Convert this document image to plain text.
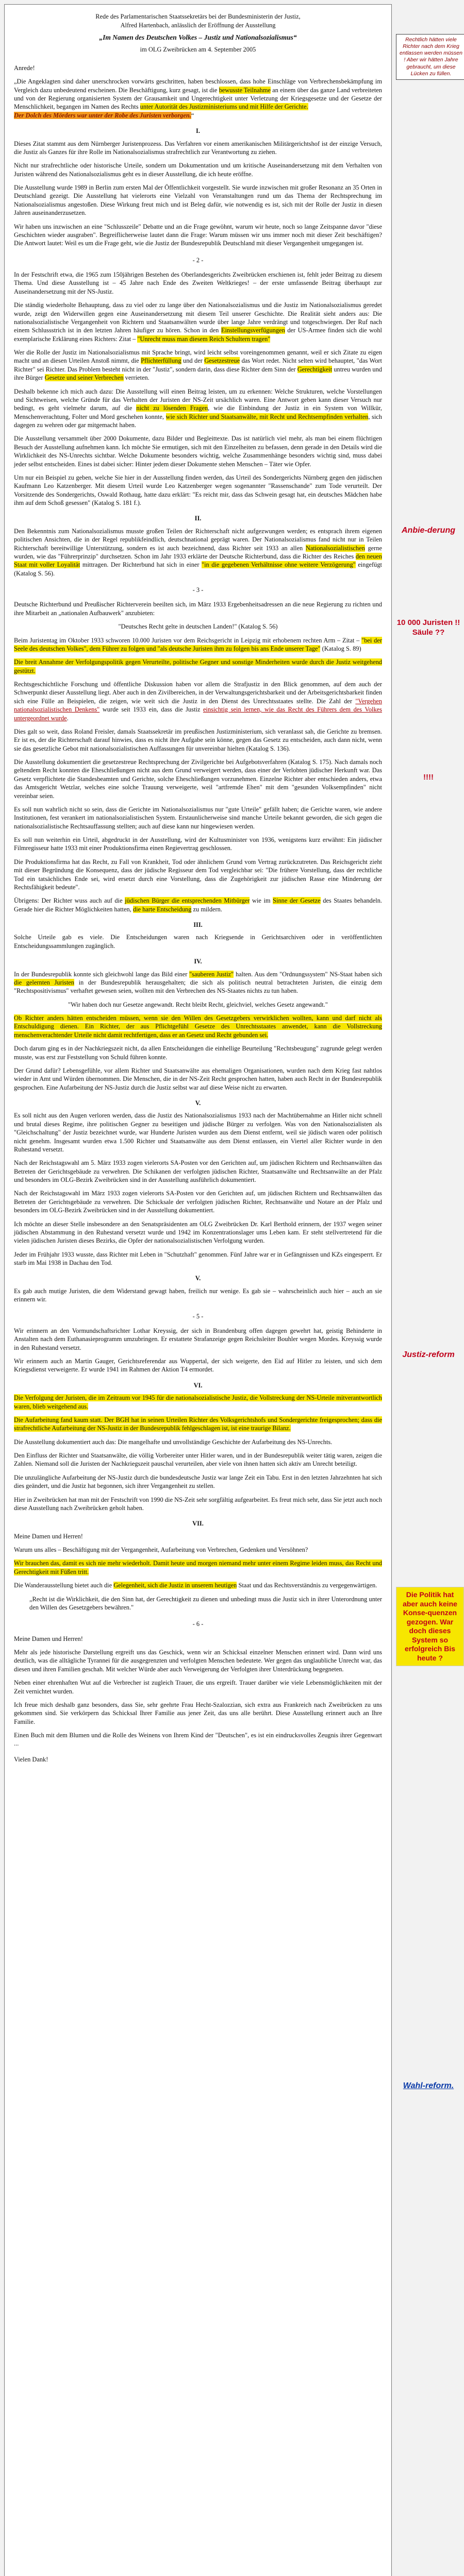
Rede des Parlamentarischen Staatssekretärs bei der Bundesministerin der Justiz,
Alfred Hartenbach, anlässlich der Eröffnung der Ausstellung
„Im Namen des Deutschen Volkes – Justiz und Nationalsozialismus“
im OLG Zweibrücken am 4. September 2005

Anrede!

„Die Angeklagten sind daher unerschrocken vorwärts geschritten, haben beschlossen, dass hohe Einschläge von Verbrechensbekämpfung im Vergleich dazu unbedeutend erscheinen. Die Beschäftigung, kurz gesagt, ist die bewusste Teilnahme an einem über das ganze Land verbreiteten und von der Regierung organisierten System der Grausamkeit und Ungerechtigkeit unter Verletzung der Kriegsgesetze und der Gesetze der Menschlichkeit, begangen im Namen des Rechts unter Autorität des Justizministeriums und mit Hilfe der Gerichte.
Der Dolch des Mörders war unter der Robe des Juristen verborgen.“

I.

Dieses Zitat stammt aus dem Nürnberger Juristenprozess. Das Verfahren vor einem amerikanischen Militärgerichtshof ist der einzige Versuch, die Justiz als Ganzes für ihre Rolle im Nationalsozialismus strafrechtlich zur Verantwortung zu ziehen.

Nicht nur strafrechtliche oder historische Urteile, sondern um Dokumentation und um kritische Auseinandersetzung mit dem Verhalten von Juristen während des Nationalsozialismus geht es in dieser Ausstellung, die ich heute eröffne.

Die Ausstellung wurde 1989 in Berlin zum ersten Mal der Öffentlichkeit vorgestellt. Sie wurde inzwischen mit großer Resonanz an 35 Orten in Deutschland gezeigt. Die Ausstellung hat vielerorts eine Vielzahl von Veranstaltungen rund um das Thema der Rechtsprechung im Nationalsozialismus angestoßen. Diese Wirkung freut mich und ist Beleg dafür, wie notwendig es ist, sich mit der Rolle der Justiz in diesen Jahren auseinanderzusetzen.

Wir haben uns inzwischen an eine "Schlusszeile" Debatte und an die Frage gewöhnt, warum wir heute, noch so lange Zeitspanne davor "diese Geschichten wieder ausgraben". Begreiflicherweise lautet dann die Frage: Warum müssen wir uns immer noch mit dieser Zeit beschäftigen? Die Antwort lautet: Weil es um die Frage geht, wie die Justiz der Bundesrepublik Deutschland mit dieser Vergangenheit umgegangen ist.

- 2 -

In der Festschrift etwa, die 1965 zum 150jährigen Bestehen des Oberlandesgerichts Zweibrücken erschienen ist, fehlt jeder Beitrag zu diesem Thema. Und diese Ausstellung ist – 45 Jahre nach Ende des Zweiten Weltkrieges! – der erste umfassende Beitrag überhaupt zur Auseinandersetzung mit der NS-Justiz.

Die ständig wiederholte Behauptung, dass zu viel oder zu lange über den Nationalsozialismus und die Justiz im Nationalsozialismus geredet wurde, zeigt den Widerwillen gegen eine Auseinandersetzung mit diesem Teil unserer Geschichte. Die Realität sieht anders aus: Die nationalsozialistische Vergangenheit von Richtern und Staatsanwälten wurde über lange Jahre verdrängt und totgeschwiegen. Der Ruf nach einem Schlussstrich ist in den letzten Jahren häufiger zu hören. Schon in den Einstellungsverfügungen der US-Armee finden sich die wohl exemplarische Erklärung eines Richters: Zitat – "Unrecht muss man diesem Reich Schultern tragen"

Wer die Rolle der Justiz im Nationalsozialismus mit Sprache bringt, wird leicht selbst voreingenommen genannt, weil er sich Zitate zu eigen macht und an diesen Urteilen Anstoß nimmt, die Pflichterfüllung und der Gesetzestreue das Wort redet. Nicht selten wird behauptet, "das Wort Richter" sei Richter. Das Problem besteht nicht in der "Justiz", sondern darin, dass diese Richter dem Sinn der Gerechtigkeit untreu wurden und ihre Bürger Gesetze und seiner Verbrechen verrieten.

Deshalb bekenne ich mich auch dazu: Die Ausstellung will einen Beitrag leisten, um zu erkennen: Welche Strukturen, welche Vorstellungen und Sichtweisen, welche Gründe für das Verhalten der Juristen der NS-Zeit ursächlich waren. Eine Antwort geben kann dieser Versuch nur bedingt, es geht vielmehr darum, auf die nicht zu lösenden Fragen, wie die Einbindung der Justiz in ein System von Willkür, Menschenverachtung, Folter und Mord geschehen konnte, wie sich Richter und Staatsanwälte, mit Recht und Rechtsempfinden verhalten, sich dagegen zu wehren oder gar mitgemacht haben.

Die Ausstellung versammelt über 2000 Dokumente, dazu Bilder und Begleittexte. Das ist natürlich viel mehr, als man bei einem flüchtigen Besuch der Ausstellung aufnehmen kann. Ich möchte Sie ermutigen, sich mit den Einzelheiten zu befassen, denn gerade in den Details wird die Wirklichkeit des NS-Unrechts sichtbar. Welche Dokumente besonders wichtig, welche Zusammenhänge besonders wichtig sind, muss dabei jeder selbst entscheiden. Eines ist dabei sicher: Hinter jedem dieser Dokumente stehen Menschen – Täter wie Opfer.

Um nur ein Beispiel zu geben, welche Sie hier in der Ausstellung finden werden, das Urteil des Sondergerichts Nürnberg gegen den jüdischen Kaufmann Leo Katzenberger. Mit diesem Urteil wurde Leo Katzenberger wegen sogenannter "Rassenschande" zum Tode verurteilt. Der Vorsitzende des Sondergerichts, Oswald Rothaug, hatte dazu erklärt: "Es reicht mir, dass das Schwein gesagt hat, ein deutsches Mädchen habe ihm auf dem Schoß gesessen" (Katalog S. 181 f.).

II.

Den Bekenntnis zum Nationalsozialismus musste großen Teilen der Richterschaft nicht aufgezwungen werden; es entsprach ihrem eigenen politischen Ansichten, die in der Regel republikfeindlich, deutschnational geprägt waren. Der Nationalsozialismus fand nicht nur in Teilen Richterschaft bereitwillige Unterstützung, sondern es ist auch bezeichnend, dass Richter seit 1933 an allen Nationalsozialistischen gerne wurden, wie das "Führerprinzip" durchsetzen. Schon im Jahr 1933 erklärte der Deutsche Richterbund, dass die Richter des Reiches den neuen Staat mit voller Loyalität mittragen. Der Richterbund hat sich in einer "in die gegebenen Verhältnisse ohne weitere Verzögerung" eingefügt (Katalog S. 56).

- 3 -

Deutsche Richterbund und Preußischer Richterverein beeilten sich, im März 1933 Ergebenheitsadressen an die neue Regierung zu richten und ihre Mitarbeit an „nationalen Aufbauwerk" anzubieten:

"Deutsches Recht gelte in deutschen Landen!" (Katalog S. 56)

Beim Juristentag im Oktober 1933 schworen 10.000 Juristen vor dem Reichsgericht in Leipzig mit erhobenem rechten Arm – Zitat – "bei der Seele des deutschen Volkes", dem Führer zu folgen und "als deutsche Juristen ihm zu folgen bis ans Ende unserer Tage" (Katalog S. 89)

Die breit Annahme der Verfolgungspolitik gegen Verurteilte, politische Gegner und sonstige Minderheiten wurde durch die Justiz weitgehend gestützt.

Rechtsgeschichtliche Forschung und öffentliche Diskussion haben vor allem die Strafjustiz in den Blick genommen, auf dem auch der Schwerpunkt dieser Ausstellung liegt. Aber auch in den Zivilbereichen, in der Verwaltungsgerichtsbarkeit und der Arbeitsgerichtsbarkeit finden sich eine Fülle an Beispielen, die zeigen, wie weit sich die Justiz in den Dienst des Unrechtsstaates stellte. Die Zahl der "Vergehen nationalsozialistischen Denkens" wurde seit 1933 ein, dass die Justiz einsichtig sein lernen, wie das Recht des Führers dem des Volkes untergeordnet wurde.

Dies galt so weit, dass Roland Freisler, damals Staatssekretär im preußischen Justizministerium, sich veranlasst sah, die Gerichte zu bremsen. Er ist es, der die Richterschaft darauf hinwies, dass es nicht ihre Aufgabe sein könne, gegen das Gesetz zu entscheiden, auch dann nicht, wenn sie das gesetzliche Gebot mit nationalsozialistischen Auffassungen für unvereinbar hielten (Katalog S. 136).

Die Ausstellung dokumentiert die gesetzestreue Rechtsprechung der Zivilgerichte bei Aufgebotsverfahren (Katalog S. 175). Nach damals noch geltendem Recht konnten die Eheschließungen nicht aus dem Grund verweigert werden, dass einer der Verlobten jüdischer Herkunft war. Das Gesetz verpflichtete die Standesbeamten und Gerichte, solche Eheschließungen vorzunehmen. Einzelne Richter aber entschieden anders, etwa das Amtsgericht Wetzlar, welches eine solche Trauung verweigerte, weil "artfremde Ehen" mit dem "gesunden Volksempfinden" nicht vereinbar seien.

Es soll nun wahrlich nicht so sein, dass die Gerichte im Nationalsozialismus nur "gute Urteile" gefällt haben; die Gerichte waren, wie andere Institutionen, fest verankert im nationalsozialistischen System. Erstaunlicherweise sind manche Urteile bekannt geworden, die sich gegen die nationalsozialistische Rechtsauffassung stellten; auch auf diese kann nur hingewiesen werden.

Es soll nun weiterhin ein Urteil, abgedruckt in der Ausstellung, wird der Kultusminister von 1936, wenigstens kurz erwähnt: Ein jüdischer Filmregisseur hatte 1933 mit einer Produktionsfirma einen Regievertrag geschlossen.

Die Produktionsfirma hat das Recht, zu Fall von Krankheit, Tod oder ähnlichem Grund vom Vertrag zurückzutreten. Das Reichsgericht zieht mit dieser Begründung die Konsequenz, dass der jüdische Regisseur dem Tod vergleichbar sei: "Die frühere Vorstellung, dass der rechtliche Tod ein tatsächliches Ende sei, wird ersetzt durch eine Vorstellung, dass die Zugehörigkeit zur jüdischen Rasse eine Minderung der Rechtsfähigkeit bedeute".

Übrigens: Der Richter wuss auch auf die jüdischen Bürger die entsprechenden Mitbürger wie im Sinne der Gesetze des Staates behandeln. Gerade hier die Richter Möglichkeiten hatten, die harte Entscheidung zu mildern.

III.

Solche Urteile gab es viele. Die Entscheidungen waren nach Kriegsende in Gerichtsarchiven oder in veröffentlichten Entscheidungssammlungen zugänglich.

IV.

In der Bundesrepublik konnte sich gleichwohl lange das Bild einer "sauberen Justiz" halten. Aus dem "Ordnungssystem" NS-Staat haben sich die gelernten Juristen in der Bundesrepublik herausgehalten; die sich als politisch neutral betrachteten Juristen, die einzig dem "Rechtspositivismus" verhaftet gewesen seien, wollten mit den Verbrechen des NS-Staates nichts zu tun haben.

"Wir haben doch nur Gesetze angewandt. Recht bleibt Recht, gleichviel, welches Gesetz angewandt."

Ob Richter anders hätten entscheiden müssen, wenn sie den Willen des Gesetzgebers verwirklichen wollten, kann und darf nicht als Entschuldigung dienen. Ein Richter, der aus Pflichtgefühl Gesetze des Unrechtsstaates anwendet, kann die Vollstreckung menschenverachtender Urteile nicht damit rechtfertigen, dass er an Gesetz und Recht gebunden sei.

Doch darum ging es in der Nachkriegszeit nicht, da allen Entscheidungen die einhellige Beurteilung "Rechtsbeugung" zugrunde gelegt werden musste, was erst zur Feststellung von Schuld führen konnte.

Der Grund dafür? Lebensgefühle, vor allem Richter und Staatsanwälte aus ehemaligen Organisationen, wurden nach dem Krieg fast nahtlos wieder in Amt und Würden übernommen. Die Menschen, die in der NS-Zeit Recht gesprochen hatten, haben auch Recht in der Bundesrepublik gesprochen. Eine Aufarbeitung der NS-Justiz durch die Justiz selbst war auf diese Weise nicht zu erwarten.

V.

Es soll nicht aus den Augen verloren werden, dass die Justiz des Nationalsozialismus 1933 nach der Machtübernahme an Hitler nicht schnell und brutal dieses Regime, ihre politischen Gegner zu beseitigen und jüdische Bürger zu verfolgen. Was von den Nationalsozialisten als "Gleichschaltung" der Justiz bezeichnet wurde, war Hunderte Juristen wurden aus dem Dienst entfernt, weil sie jüdisch waren oder politisch nicht genehm. Insgesamt wurden etwa 1.500 Richter und Staatsanwälte aus dem Dienst entlassen, ein Viertel aller Richter wurde in den Ruhestand versetzt.

Nach der Reichstagswahl am 5. März 1933 zogen vielerorts SA-Posten vor den Gerichten auf, um jüdischen Richtern und Rechtsanwälten das Betreten der Gerichtsgebäude zu verwehren. Die Schikanen der verfolgten jüdischen Richter, Staatsanwälte und Rechtsanwälte an der Pfalz und besonders im OLG-Bezirk Zweibrücken sind in der Ausstellung ausführlich dokumentiert.

Nach der Reichstagswahl im März 1933 zogen vielerorts SA-Posten vor den Gerichten auf, um jüdischen Richtern und Rechtsanwälten das Betreten der Gerichtsgebäude zu verwehren. Die Schicksale der verfolgten jüdischen Richter, Rechtsanwälte und Notare an der Pfalz und besonders im OLG-Bezirk Zweibrücken sind in der Ausstellung dokumentiert.

Ich möchte an dieser Stelle insbesondere an den Senatspräsidenten am OLG Zweibrücken Dr. Karl Berthold erinnern, der 1937 wegen seiner jüdischen Abstammung in den Ruhestand versetzt wurde und 1942 im Konzentrationslager ums Leben kam. Er steht stellvertretend für die vielen jüdischen Juristen dieses Bezirks, die Opfer der nationalsozialistischen Verfolgung wurden.

Jeder im Frühjahr 1933 wusste, dass Richter mit Leben in "Schutzhaft" genommen. Fünf Jahre war er in Gefängnissen und KZs eingesperrt. Er starb im Mai 1938 in Dachau den Tod.

V.

Es gab auch mutige Juristen, die dem Widerstand gewagt haben, freilich nur wenige. Es gab sie – wahrscheinlich auch hier – auch an sie erinnern wir.

- 5 -

Wir erinnern an den Vormundschaftsrichter Lothar Kreyssig, der sich in Brandenburg offen dagegen gewehrt hat, geistig Behinderte in Anstalten nach dem Euthanasieprogramm umzubringen. Er erstattete Strafanzeige gegen Reichsleiter Bouhler wegen Mordes. Kreyssig wurde in den Ruhestand versetzt.

Wir erinnern auch an Martin Gauger, Gerichtsreferendar aus Wuppertal, der sich weigerte, den Eid auf Hitler zu leisten, und sich dem Kriegsdienst verweigerte. Er wurde 1941 im Rahmen der Aktion T4 ermordet.

VI.

Die Verfolgung der Juristen, die im Zeitraum vor 1945 für die nationalsozialistische Justiz, die Vollstreckung der NS-Urteile mitverantwortlich waren, blieb weitgehend aus.

Die Aufarbeitung fand kaum statt. Der BGH hat in seinen Urteilen Richter des Volksgerichtshofs und Sondergerichte freigesprochen; dass die strafrechtliche Aufarbeitung der NS-Justiz in der Bundesrepublik fehlgeschlagen ist, ist eine traurige Bilanz.

Die Ausstellung dokumentiert auch das: Die mangelhafte und unvollständige Geschichte der Aufarbeitung des NS-Unrechts.

Den Einfluss der Richter und Staatsanwälte, die völlig Vorbereiter unter Hitler waren, und in der Bundesrepublik weiter tätig waren, zeigen die Zahlen. Niemand soll die Juristen der Nachkriegszeit pauschal verurteilen, aber viele von ihnen hatten sich aktiv am Unrecht beteiligt.

Die unzulängliche Aufarbeitung der NS-Justiz durch die bundesdeutsche Justiz war lange Zeit ein Tabu. Erst in den letzten Jahrzehnten hat sich dies geändert, und die Justiz hat begonnen, sich ihrer Vergangenheit zu stellen.

Hier in Zweibrücken hat man mit der Festschrift von 1990 die NS-Zeit sehr sorgfältig aufgearbeitet. Es freut mich sehr, dass Sie jetzt auch noch diese Ausstellung nach Zweibrücken geholt haben.

VII.

Meine Damen und Herren!

Warum uns alles – Beschäftigung mit der Vergangenheit, Aufarbeitung von Verbrechen, Gedenken und Versöhnen?

Wir brauchen das, damit es sich nie mehr wiederholt. Damit heute und morgen niemand mehr unter einem Regime leiden muss, das Recht und Gerechtigkeit mit Füßen tritt.

Die Wanderausstellung bietet auch die Gelegenheit, sich die Justiz in unserem heutigen Staat und das Rechtsverständnis zu vergegenwärtigen.

„Recht ist die Wirklichkeit, die den Sinn hat, der Gerechtigkeit zu dienen und unbedingt muss die Justiz sich in ihrer Unterordnung unter den Willen des Gesetzgebers bewähren."

- 6 -

Meine Damen und Herren!

Mehr als jede historische Darstellung ergreift uns das Geschick, wenn wir an Schicksal einzelner Menschen erinnert wird. Dann wird uns deutlich, was die alltägliche Tyrannei für die ausgegrenzten und verfolgten Menschen bedeutete. Wer gegen das unglaubliche Unrecht war, das diesen und ihren Familien geschah. Mit welcher Würde aber auch Verweigerung der Verfolgten ihrer Unterdrückung begegneten.

Neben einer ehrenhaften Wut auf die Verbrecher ist zugleich Trauer, die uns ergreift. Trauer darüber wie viele Lebensmöglichkeiten mit der Zeit vernichtet wurden.

Ich freue mich deshalb ganz besonders, dass Sie, sehr geehrte Frau Hecht-Szalozzian, sich extra aus Frankreich nach Zweibrücken zu uns gekommen sind. Sie verkörpern das Schicksal Ihrer Familie aus jener Zeit, das uns alle berührt. Diese Ausstellung erinnert auch an Ihre Familie.

Einen Buch mit dem Blumen und die Rolle des Weinens von Ihrem Kind der "Deutschen", es ist ein eindrucksvolles Zeugnis ihrer Gegenwart ...

Vielen Dank!

Rechtlich hätten viele Richter nach dem Krieg entlassen werden müssen ! Aber wir hätten Jahre gebraucht, um diese Lücken zu füllen.
Anbie-derung
10 000 Juristen !! Säule ??
!!!!
Justiz-reform
Die Politik hat aber auch keine Konse-quenzen gezogen. War doch dieses System so erfolgreich Bis heute ?
Wahl-reform.
